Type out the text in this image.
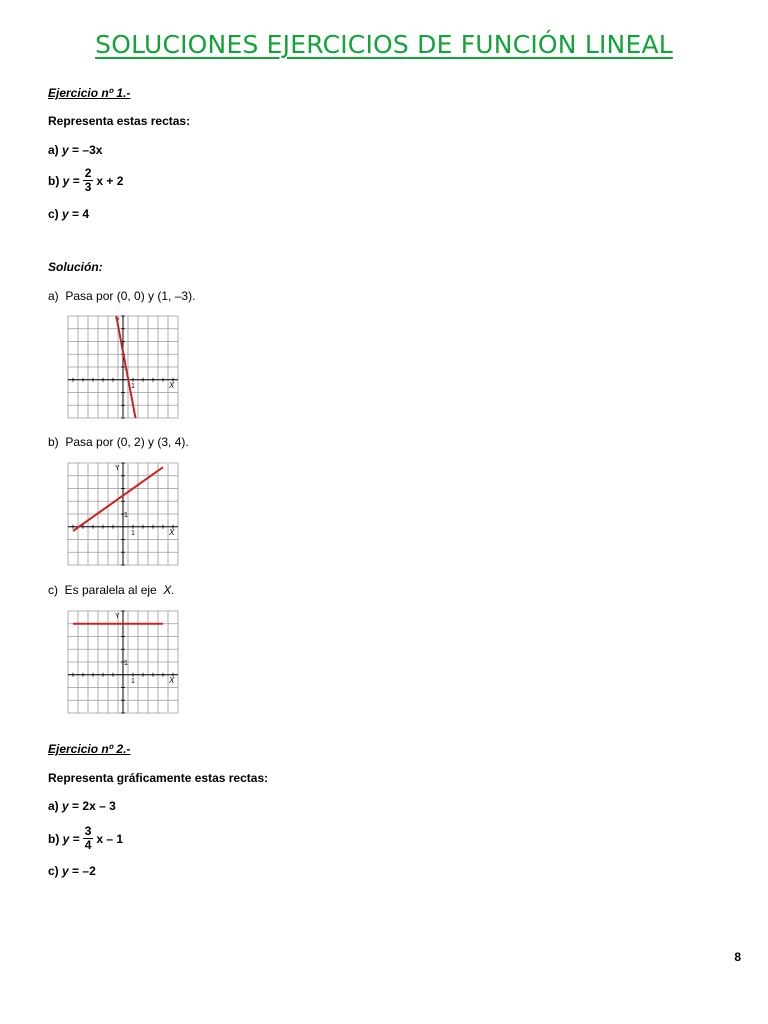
SOLUCIONES EJERCICIOS DE FUNCIÓN LINEAL
Ejercicio nº 1.-
Representa estas rectas:
a)
y
=
–3x
b)
y
= $\frac{2}{3}$ x + 2
c)
y
=
4
Solución:
a) Pasa por (0, 0) y (1, –3).
Y
X
1
1
b) Pasa por (0, 2) y (3, 4).
Y
X
1
1
c) Es paralela al eje X.
Y
X
1
1
Ejercicio nº 2.-
Representa gráficamente estas rectas:
a)
y
=
2x – 3
b)
y
= $\frac{3}{4}$ x – 1
c)
y
=
–2
8
